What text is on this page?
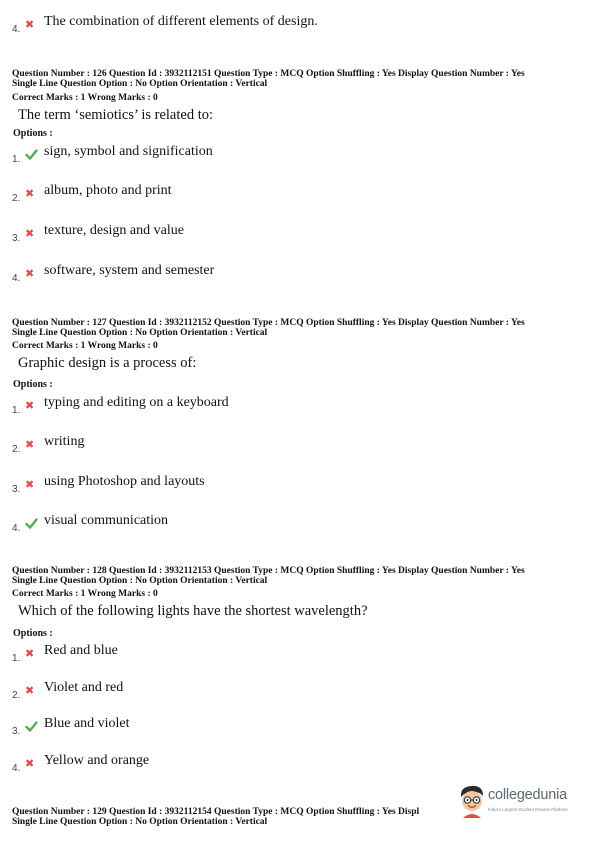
4. ✖ The combination of different elements of design.
Question Number : 126 Question Id : 3932112151 Question Type : MCQ Option Shuffling : Yes Display Question Number : Yes
Single Line Question Option : No Option Orientation : Vertical
Correct Marks : 1 Wrong Marks : 0
The term ‘semiotics’ is related to:
Options :
1.
sign, symbol and signification
2. ✖ album, photo and print
3. ✖ texture, design and value
4. ✖ software, system and semester
Question Number : 127 Question Id : 3932112152 Question Type : MCQ Option Shuffling : Yes Display Question Number : Yes
Single Line Question Option : No Option Orientation : Vertical
Correct Marks : 1 Wrong Marks : 0
Graphic design is a process of:
Options :
1. ✖ typing and editing on a keyboard
2. ✖ writing
3. ✖ using Photoshop and layouts
4.
visual communication
Question Number : 128 Question Id : 3932112153 Question Type : MCQ Option Shuffling : Yes Display Question Number : Yes
Single Line Question Option : No Option Orientation : Vertical
Correct Marks : 1 Wrong Marks : 0
Which of the following lights have the shortest wavelength?
Options :
1. ✖ Red and blue
2. ✖ Violet and red
3.
Blue and violet
4. ✖ Yellow and orange
Question Number : 129 Question Id : 3932112154 Question Type : MCQ Option Shuffling : Yes Displ
Single Line Question Option : No Option Orientation : Vertical
collegedunia
India's Largest Student Review Platform
